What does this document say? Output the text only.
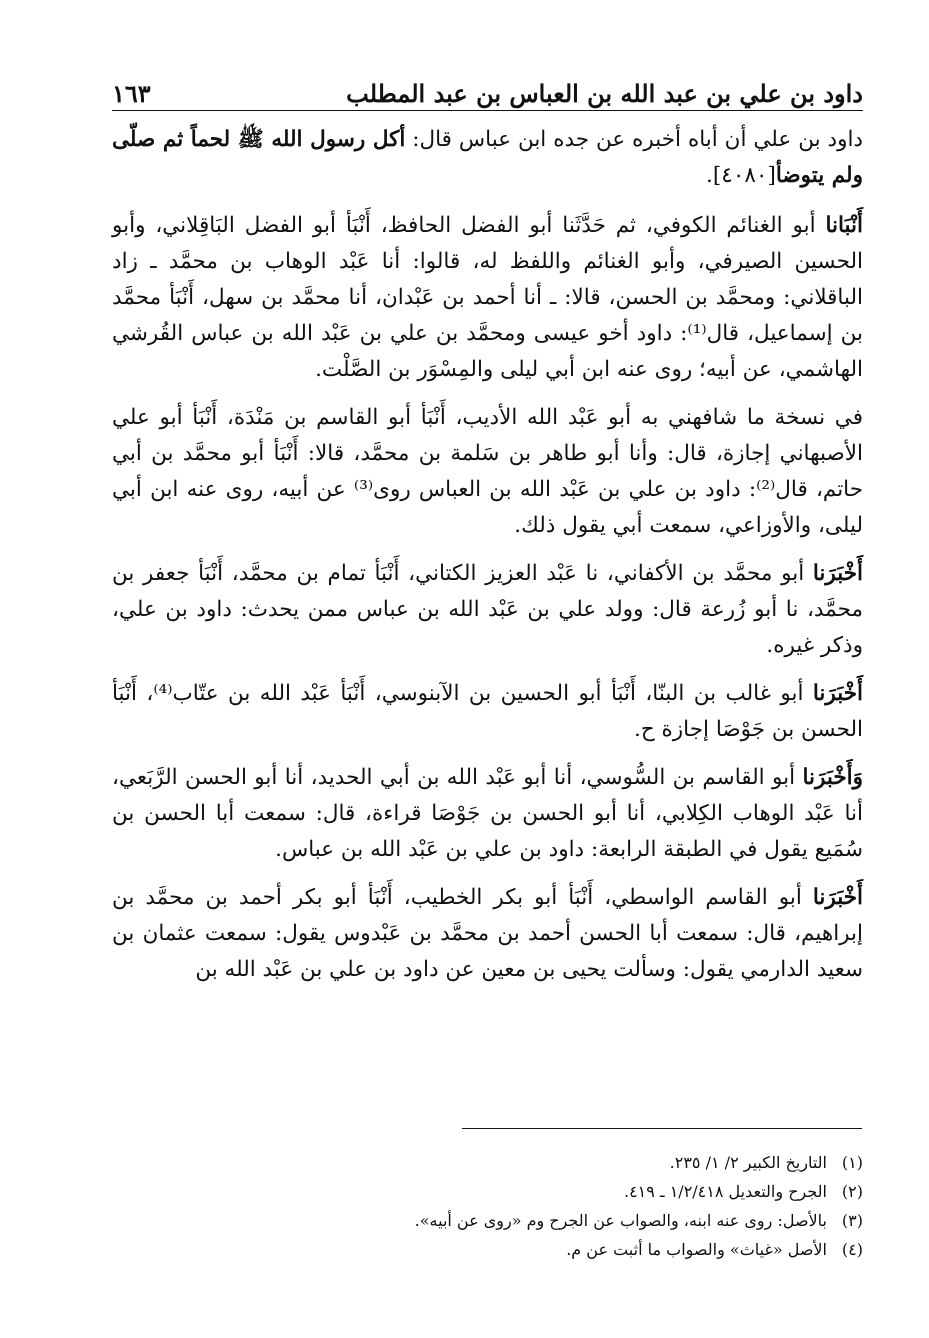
داود بن علي بن عبد الله بن العباس بن عبد المطلب
١٦٣

داود بن علي أن أباه أخبره عن جده ابن عباس قال: أكل رسول الله ﷺ لحماً ثم صلّى ولم يتوضأ[٤٠٨٠].

أَنْبَانا أبو الغنائم الكوفي، ثم حَدَّثَنا أبو الفضل الحافظ، أَنْبَأ أبو الفضل البَاقِلاني، وأبو الحسين الصيرفي، وأبو الغنائم واللفظ له، قالوا: أنا عَبْد الوهاب بن محمَّد ـ زاد الباقلاني: ومحمَّد بن الحسن، قالا: ـ أنا أحمد بن عَبْدان، أنا محمَّد بن سهل، أَنْبَأ محمَّد بن إسماعيل، قال⁽¹⁾: داود أخو عيسى ومحمَّد بن علي بن عَبْد الله بن عباس القُرشي الهاشمي، عن أبيه؛ روى عنه ابن أبي ليلى والمِسْوَر بن الصَّلْت.

في نسخة ما شافهني به أبو عَبْد الله الأديب، أَنْبَأ أبو القاسم بن مَنْدَة، أَنْبَأ أبو علي الأصبهاني إجازة، قال: وأنا أبو طاهر بن سَلمة بن محمَّد، قالا: أَنْبَأ أبو محمَّد بن أبي حاتم، قال⁽²⁾: داود بن علي بن عَبْد الله بن العباس روى⁽³⁾ عن أبيه، روى عنه ابن أبي ليلى، والأوزاعي، سمعت أبي يقول ذلك.

أَخْبَرَنا أبو محمَّد بن الأكفاني، نا عَبْد العزيز الكتاني، أَنْبَأ تمام بن محمَّد، أَنْبَأ جعفر بن محمَّد، نا أبو زُرعة قال: وولد علي بن عَبْد الله بن عباس ممن يحدث: داود بن علي، وذكر غيره.

أَخْبَرَنا أبو غالب بن البنّا، أَنْبَأ أبو الحسين بن الآبنوسي، أَنْبَأ عَبْد الله بن عتّاب⁽⁴⁾، أَنْبَأ الحسن بن جَوْصَا إجازة ح.

وَأَخْبَرَنا أبو القاسم بن السُّوسي، أنا أبو عَبْد الله بن أبي الحديد، أنا أبو الحسن الرَّبَعي، أنا عَبْد الوهاب الكِلابي، أنا أبو الحسن بن جَوْصَا قراءة، قال: سمعت أبا الحسن بن سُمَيع يقول في الطبقة الرابعة: داود بن علي بن عَبْد الله بن عباس.

أَخْبَرَنا أبو القاسم الواسطي، أَنْبَأ أبو بكر الخطيب، أَنْبَأ أبو بكر أحمد بن محمَّد بن إبراهيم، قال: سمعت أبا الحسن أحمد بن محمَّد بن عَبْدوس يقول: سمعت عثمان بن سعيد الدارمي يقول: وسألت يحيى بن معين عن داود بن علي بن عَبْد الله بن

(١)
التاريخ الكبير ٢/ ١/ ٢٣٥.
(٢)
الجرح والتعديل ١/٢/٤١٨ ـ ٤١٩.
(٣)
بالأصل: روى عنه ابنه، والصواب عن الجرح وم «روى عن أبيه».
(٤)
الأصل «غياث» والصواب ما أثبت عن م.
